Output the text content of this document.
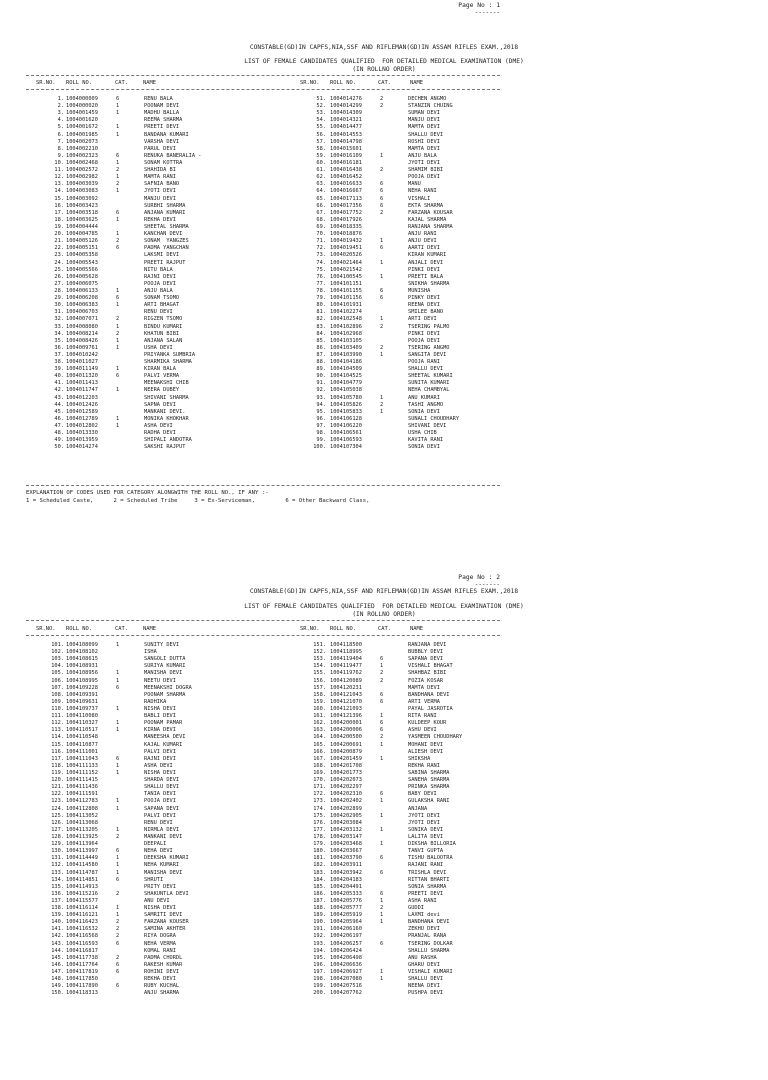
Page No : 1
-------
CONSTABLE(GD)IN CAPFS,NIA,SSF AND RIFLEMAN(GD)IN ASSAM RIFLES EXAM.,2018
LIST OF FEMALE CANDIDATES QUALIFIED  FOR DETAILED MEDICAL EXAMINATION (DME)
(IN ROLLNO ORDER)
SR.NO. ROLL NO.	CAT.	NAME	SR.NO. ROLL NO.	CAT.	NAME
1. 1004000009	6	RENU BALA
2. 1004000020	1	POONAM DEVI
3. 1004001459	1	MADHU BALLA
4. 1004001620	REEMA SHARMA
5. 1004001672	1	PREETI DEVI
6. 1004001985	1	BANDANA KUMARI
7. 1004002073	VARSHA DEVI
8. 1004002210	PARUL DEVI
9. 1004002323	6	RENUKA BANERALIA -
10. 1004002468	1	SONAM KOTTRA
11. 1004002572	2	SHAHIDA BI
12. 1004002982	1	MAMTA RANI
13. 1004003039	2	SAFNIA BANO
14. 1004003083	1	JYOTI DEVI
15. 1004003092	MANJU DEVI
16. 1004003423	SURBHI SHARMA
17. 1004003518	6	ANJANA KUMARI
18. 1004003625	1	REKHA DEVI
19. 1004004444	SHEETAL SHARMA
20. 1004004785	1	KANCHAN DEVI
21. 1004005126	2	SONAM  YANGZES
22. 1004005151	6	PADMA YANGCHAN
23. 1004005358	LAKSMI DEVI
24. 1004005543	PREETI RAJPUT
25. 1004005566	NITU BALA
26. 1004005628	RAJNI DEVI
27. 1004006075	POOJA DEVI
28. 1004006133	1	ANJU BALA
29. 1004006208	6	SONAM TSOMO
30. 1004006383	1	ARTI BHAGAT
31. 1004006703	RENU DEVI
32. 1004007071	2	RIGZEN TSOMO
33. 1004008080	1	BINDU KUMARI
34. 1004008214	2	KHATUN BIBI
35. 1004008426	1	ANJANA SALAN
36. 1004009761	1	USHA DEVI
37. 1004010242	PRIYANKA SUMBRIA
38. 1004011027	SHARMIKA SHARMA
39. 1004011149	1	KIRAN BALA
40. 1004011320	6	PALVI VERMA
41. 1004011413	MEENAKSHI CHIB
42. 1004011747	1	NEERA DUBEY
43. 1004012203	SHIVANI SHARMA
44. 1004012426	SAPNA DEVI
45. 1004012589	MANKANI DEVI.
46. 1004012789	1	MONIKA KHOKHAR
47. 1004012802	1	ASHA DEVI
48. 1004013330	RADHA DEVI
49. 1004013959	SHIPALI ANDOTRA
50. 1004014274	SAKSHI RAJPUT
51. 1004014276	2	DECHEN ANGMO
52. 1004014299	2	STANZIN CHUING
53. 1004014309	SUMAN DEVI
54. 1004014321	MANJU DEVI
55. 1004014477	MAMTA DEVI
56. 1004014553	SHALLU DEVI
57. 1004014798	ROSHI DEVI
58. 1004015601	MAMTA DEVI
59. 1004016109	1	ANJU BALA
60. 1004016181	JYOTI DEVI
61. 1004016438	2	SHAMIM BIBI
62. 1004016452	POOJA DEVI
63. 1004016633	6	MANU
64. 1004016667	6	NEHA RANI
65. 1004017113	6	VISHALI
66. 1004017356	6	EKTA SHARMA
67. 1004017752	2	FARZANA KOUSAR
68. 1004017926	KAJAL SHARMA
69. 1004018335	RANJANA SHARMA
70. 1004018876	ANJU RANI
71. 1004019432	1	ANJU DEVI
72. 1004019451	6	AARTI DEVI
73. 1004020526	KIRAN KUMARI
74. 1004021464	1	ANJALI DEVI
75. 1004021542	PINKI DEVI
76. 1004100545	1	PREETI BALA
77. 1004101151	SNIKHA SHARMA
78. 1004101155	6	MUNISHA
79. 1004101156	6	PINKY DEVI
80. 1004101931	REENA DEVI
81. 1004102274	SMILEE BANO
82. 1004102548	1	ARTI DEVI
83. 1004102896	2	TSERING PALMO
84. 1004102968	PINKI DEVI
85. 1004103105	POOJA DEVI
86. 1004103409	2	TSERING ANGMO
87. 1004103990	1	SANGITA DEVI
88. 1004104186	POOJA RANI
89. 1004104509	SHALLU DEVI
90. 1004104525	SHEETAL KUMARI
91. 1004104779	SUNITA KUMARI
92. 1004105038	NEHA CHAMBYAL
93. 1004105780	1	ANU KUMARI
94. 1004105826	2	TASHI ANGMO
95. 1004105833	1	SONIA DEVI
96. 1004106128	SUNALI CHOUDHARY
97. 1004106220	SHIVANI DEVI
98. 1004106561	USHA CHIB
99. 1004106593	KAVITA RANI
100. 1004107304	SONIA DEVI
EXPLANATION OF CODES USED FOR CATEGORY ALONGWITH THE ROLL NO., IF ANY :-
1 = Scheduled Caste,      2 = Scheduled Tribe     3 = Ex-Serviceman,         6 = Other Backward Class,
Page No : 2
-------
CONSTABLE(GD)IN CAPFS,NIA,SSF AND RIFLEMAN(GD)IN ASSAM RIFLES EXAM.,2018
LIST OF FEMALE CANDIDATES QUALIFIED  FOR DETAILED MEDICAL EXAMINATION (DME)
(IN ROLLNO ORDER)
SR.NO. ROLL NO.	CAT.	NAME	SR.NO. ROLL NO.	CAT.	NAME
101. 1004108099	1	SUNITY DEVI
102. 1004108102	ISHA
103. 1004108615	SANGOLI DUTTA
104. 1004108931	SURIYA KUMARI
105. 1004108956	1	MANISHA DEVI
106. 1004108995	1	NEETU DEVI
107. 1004109228	6	MEENAKSHI DOGRA
108. 1004109391	POONAM SHARMA
109. 1004109631	RADHIKA
110. 1004109737	1	NISHA DEVI
111. 1004110080	BABLI DEVI
112. 1004110327	1	POONAM PAMAR
113. 1004110517	1	KIRNA DEVI
114. 1004110548	MANEESHA DEVI
115. 1004110877	KAJAL KUMARI
116. 1004111001	PALVI DEVI
117. 1004111043	6	RAJNI DEVI
118. 1004111133	1	ASHA DEVI
119. 1004111152	1	NISHA DEVI
120. 1004111415	SHARDA DEVI
121. 1004111436	SHALLU DEVI
122. 1004111591	TANIA DEVI
123. 1004112783	1	POOJA DEVI
124. 1004112808	1	SAPANA DEVI
125. 1004113052	PALVI DEVI
126. 1004113068	RENU DEVI
127. 1004113205	1	NIRMLA DEVI
128. 1004113925	2	MANKANI DEVI
129. 1004113964	DEEPALI
130. 1004113997	6	NEHA DEVI
131. 1004114449	1	DEEKSHA KUMARI
132. 1004114580	1	NEHA KUMARI
133. 1004114787	1	MANISHA DEVI
134. 1004114851	6	SHRUTI
135. 1004114913	PRITY DEVI
136. 1004115216	2	SHAKUNTLA DEVI
137. 1004115577	ANU DEVI
138. 1004116114	1	NISHA DEVI
139. 1004116121	1	SAMRITI DEVI
140. 1004116423	2	FARZANA KOUSER
141. 1004116532	2	SAMINA AKHTER
142. 1004116568	2	RIYA DOGRA
143. 1004116593	6	NEHA VERMA
144. 1004116817	KOMAL RANI
145. 1004117738	2	PADMA CHORDL
146. 1004117764	6	RAKESH KUMAR
147. 1004117819	6	ROHINI DEVI
148. 1004117850	REKHA DEVI
149. 1004117890	6	RUBY KUCHAL
150. 1004118313	ANJU SHARMA
151. 1004118500	RANJANA DEVI
152. 1004118995	BUBBLY DEVI
153. 1004119404	6	SAPANA DEVI
154. 1004119477	1	VISHALI BHAGAT
155. 1004119762	2	SHAHBAZ BIBI
156. 1004120089	2	FOZIA KOSAR
157. 1004120231	MAMTA DEVI
158. 1004121043	6	BANDHANA DEVI
159. 1004121070	6	ARTI VERMA
160. 1004121093	PAYAL JASROTIA
161. 1004121396	1	RITA RANI
162. 1004200001	6	KULDEEP KOUR
163. 1004200006	6	ASHU DEVI
164. 1004200500	2	YASMEEN CHOUDHARY
165. 1004200691	1	MOHANI DEVI
166. 1004200879	ALIESH DEVI
167. 1004201459	1	SHIKSHA
168. 1004201708	REKHA RANI
169. 1004201773	SABINA SHARMA
170. 1004202073	SANEHA SHARMA
171. 1004202297	PRINKA SHARMA
172. 1004202310	6	BABY DEVI
173. 1004202402	1	GULAKSHA RANI
174. 1004202899	ANJANA
175. 1004202905	1	JYOTI DEVI
176. 1004203084	JYOTI DEVI
177. 1004203132	1	SONIKA DEVI
178. 1004203147	LALITA DEVI
179. 1004203468	1	DIKSHA BILLORIA
180. 1004203667	TANVI GUPTA
181. 1004203790	6	TISHU BALOOTRA
182. 1004203911	RAJANI RANI
183. 1004203942	6	TRISHLA DEVI
184. 1004204183	RITTAN BHARTI
185. 1004204491	SONIA SHARMA
186. 1004205333	6	PREETI DEVI
187. 1004205776	1	ASHA RANI
188. 1004205777	2	GUDDI
189. 1004205919	1	LAXMI devi
190. 1004205964	1	BANDHANA DEVI
191. 1004206160	ZEKHU DEVI
192. 1004206197	PRANJAL RANA
193. 1004206257	6	TSERING DOLKAR
194. 1004206424	SHALLU SHARMA
195. 1004206498	ANU RASHA
196. 1004206636	GHARU DEVI
197. 1004206927	1	VISHALI KUMARI
198. 1004207080	1	SHALLU DEVI
199. 1004207516	NEENA DEVI
200. 1004207762	PUSHPA DEVI
